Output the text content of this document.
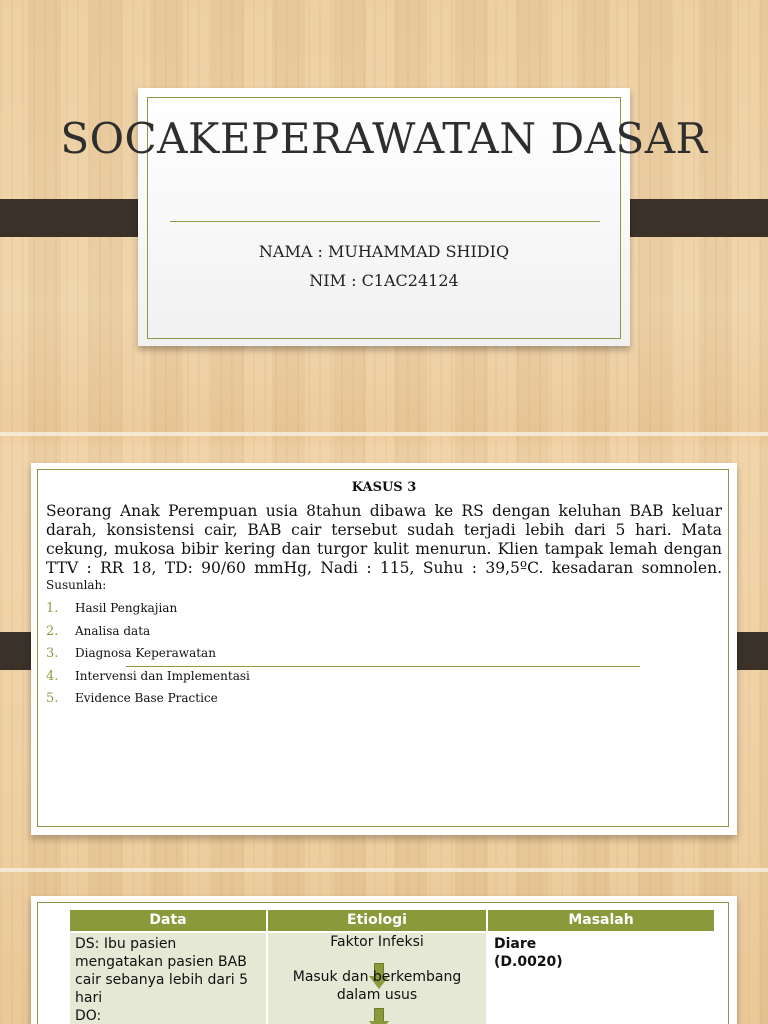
SOCAKEPERAWATAN DASAR
NAMA : MUHAMMAD SHIDIQ
NIM : C1AC24124
KASUS 3

Seorang Anak Perempuan usia 8tahun dibawa ke RS dengan keluhan BAB keluar darah, konsistensi cair, BAB cair tersebut sudah terjadi lebih dari 5 hari. Mata cekung, mukosa bibir kering dan turgor kulit menurun. Klien tampak lemah dengan TTV : RR 18, TD: 90/60 mmHg, Nadi : 115, Suhu : 39,5ºC. kesadaran somnolen.

Susunlah:

1. Hasil Pengkajian
2. Analisa data
3. Diagnosa Keperawatan
4. Intervensi dan Implementasi
5. Evidence Base Practice
Data	Etiologi	Masalah
DS: Ibu pasien
mengatakan pasien BAB
cair sebanya lebih dari 5
hari
DO:
Faktor Infeksi
Masuk dan berkembang
dalam usus
Diare (D.0020)
